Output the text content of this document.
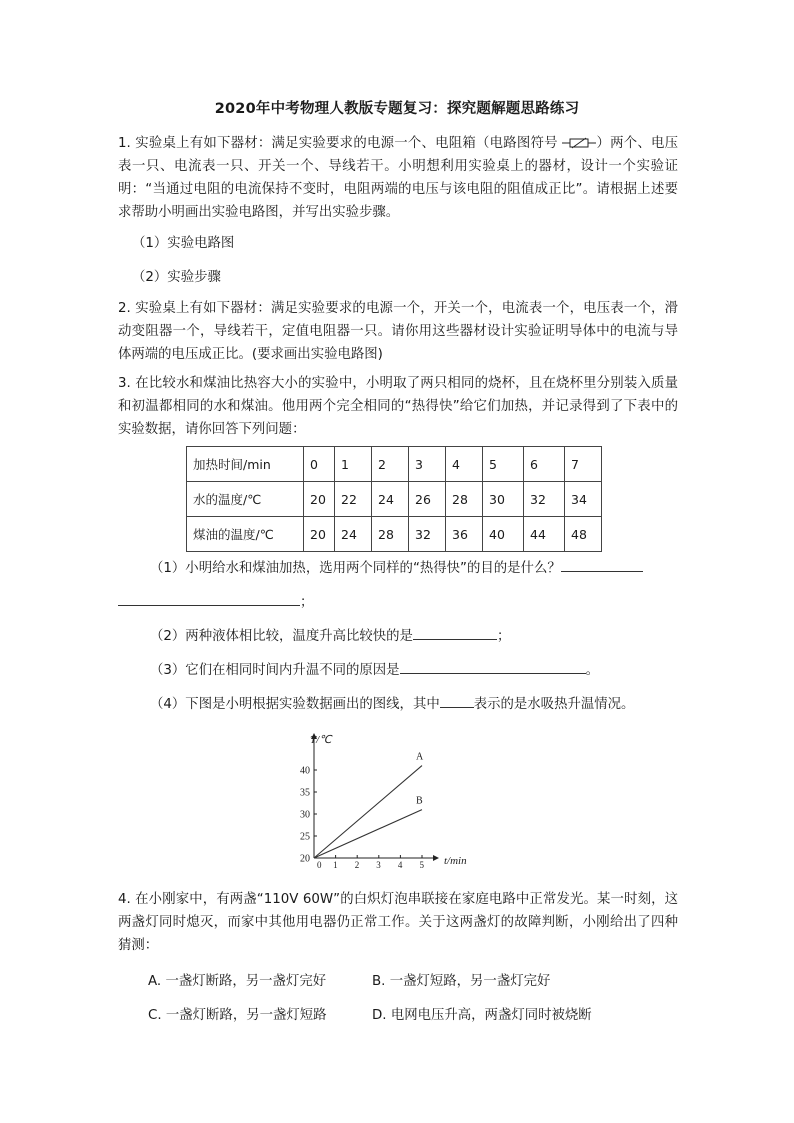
2020年中考物理人教版专题复习：探究题解题思路练习
1. 实验桌上有如下器材：满足实验要求的电源一个、电阻箱（电路图符号	）两个、电压表一只、电流表一只、开关一个、导线若干。小明想利用实验桌上的器材，设计一个实验证明：“当通过电阻的电流保持不变时，电阻两端的电压与该电阻的阻值成正比”。请根据上述要求帮助小明画出实验电路图，并写出实验步骤。
（1）实验电路图
（2）实验步骤
2. 实验桌上有如下器材：满足实验要求的电源一个，开关一个，电流表一个，电压表一个，滑动变阻器一个，导线若干，定值电阻器一只。请你用这些器材设计实验证明导体中的电流与导体两端的电压成正比。(要求画出实验电路图)
3. 在比较水和煤油比热容大小的实验中，小明取了两只相同的烧杯，且在烧杯里分别装入质量和初温都相同的水和煤油。他用两个完全相同的“热得快”给它们加热，并记录得到了下表中的实验数据，请你回答下列问题：
加热时间/min	0	1	2	3	4	5	6	7
水的温度/℃	20	22	24	26	28	30	32	34
煤油的温度/℃	20	24	28	32	36	40	44	48
（1）小明给水和煤油加热，选用两个同样的“热得快”的目的是什么？
；
（2）两种液体相比较，温度升高比较快的是	；
（3）它们在相同时间内升温不同的原因是	。
（4）下图是小明根据实验数据画出的图线，其中	表示的是水吸热升温情况。
T/℃
t/min
0 1 2 3 4 5
20
25
30
35
40
A
B
4. 在小刚家中，有两盏“110V 60W”的白炽灯泡串联接在家庭电路中正常发光。某一时刻，这两盏灯同时熄灭，而家中其他用电器仍正常工作。关于这两盏灯的故障判断，小刚给出了四种猜测：
A. 一盏灯断路，另一盏灯完好	B. 一盏灯短路，另一盏灯完好
C. 一盏灯断路，另一盏灯短路	D. 电网电压升高，两盏灯同时被烧断
